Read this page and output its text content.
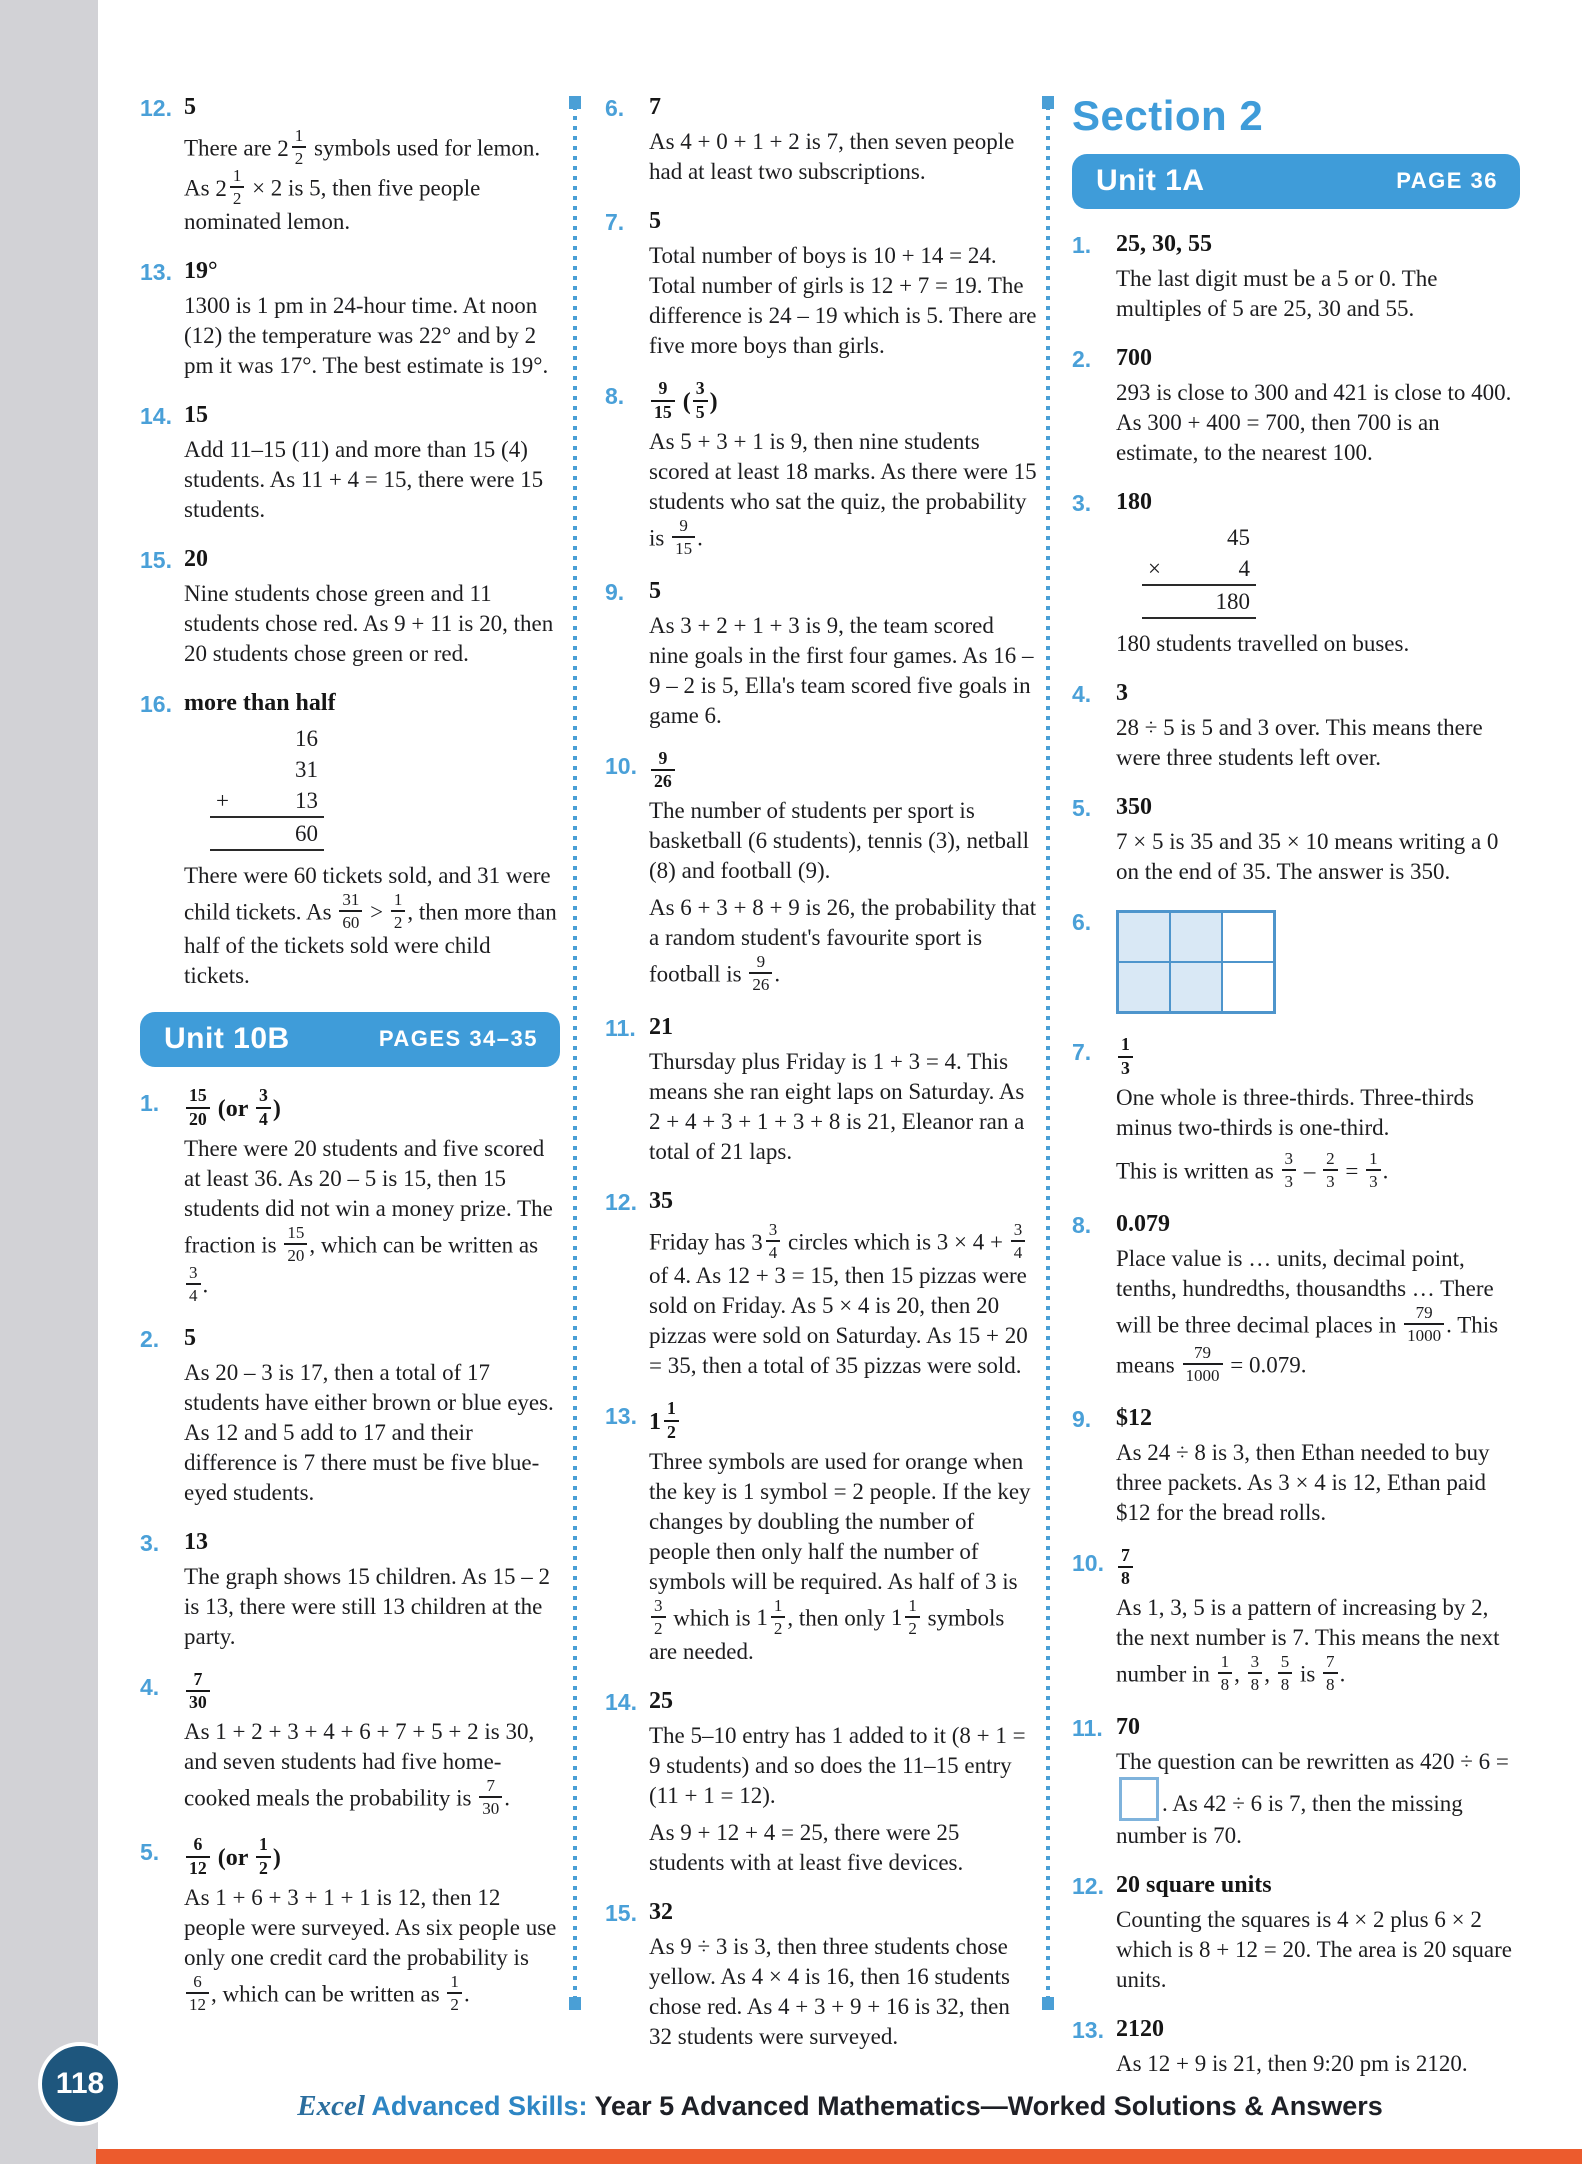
12. 5
There are $2 \frac{1}{2}$ symbols used for lemon. As $2 \frac{1}{2} \times 2$ is 5, then five people nominated lemon.
13. 19°
1300 is 1 pm in 24-hour time. At noon (12) the temperature was 22° and by 2 pm it was 17°. The best estimate is 19°.
14. 15
Add 11–15 (11) and more than 15 (4) students. As 11 + 4 = 15, there were 15 students.
15. 20
Nine students chose green and 11 students chose red. As 9 + 11 is 20, then 20 students chose green or red.
16. more than half
16
31
+	13
60
There were 60 tickets sold, and 31 were child tickets. As $\frac{31}{60} > \frac{1}{2}$ , then more than half of the tickets sold were child tickets.
Unit 10B	PAGES 34–35
1.	$\frac{15}{20} (or \frac{3}{4}$ )
There were 20 students and five scored at least 36. As 20 – 5 is 15, then 15 students did not win a money prize. The fraction is $\frac{15}{20}$ , which can be written as
$\frac{3}{4}$ .
2.	5
As 20 – 3 is 17, then a total of 17 students have either brown or blue eyes. As 12 and 5 add to 17 and their difference is 7 there must be five blue-eyed students.
3.	13
The graph shows 15 children. As 15 – 2 is 13, there were still 13 children at the party.
4.	$\frac{7}{30}$
As 1 + 2 + 3 + 4 + 6 + 7 + 5 + 2 is 30, and seven students had five home-cooked meals the probability is $\frac{7}{30}$ .
5.	$\frac{6}{12} (or \frac{1}{2}$ )
As 1 + 6 + 3 + 1 + 1 is 12, then 12 people were surveyed. As six people use only one credit card the probability is
$\frac{6}{12}$ , which can be written as $\frac{1}{2}$ .
6.	7
As 4 + 0 + 1 + 2 is 7, then seven people had at least two subscriptions.
7.	5
Total number of boys is 10 + 14 = 24. Total number of girls is 12 + 7 = 19. The difference is 24 – 19 which is 5. There are five more boys than girls.
8.	$\frac{9}{15}$ ( $\frac{3}{5}$ )
As 5 + 3 + 1 is 9, then nine students scored at least 18 marks. As there were 15 students who sat the quiz, the probability is $\frac{9}{15}$ .
9.	5
As 3 + 2 + 1 + 3 is 9, the team scored nine goals in the first four games. As 16 – 9 – 2 is 5, Ella's team scored five goals in game 6.
10. $\frac{9}{26}$
The number of students per sport is basketball (6 students), tennis (3), netball (8) and football (9).
As 6 + 3 + 8 + 9 is 26, the probability that a random student's favourite sport is football is $\frac{9}{26}$ .
11. 21
Thursday plus Friday is 1 + 3 = 4. This means she ran eight laps on Saturday. As 2 + 4 + 3 + 1 + 3 + 8 is 21, Eleanor ran a total of 21 laps.
12. 35
Friday has $3 \frac{3}{4}$ circles which is $3 \times 4 + \frac{3}{4}$
of 4. As 12 + 3 = 15, then 15 pizzas were sold on Friday. As 5 × 4 is 20, then 20 pizzas were sold on Saturday. As 15 + 20 = 35, then a total of 35 pizzas were sold.
13. $1 \frac{1}{2}$
Three symbols are used for orange when the key is 1 symbol = 2 people. If the key changes by doubling the number of people then only half the number of symbols will be required. As half of 3 is
$\frac{3}{2}$ which is $1 \frac{1}{2}$ , then only $1 \frac{1}{2}$ symbols are needed.
14. 25
The 5–10 entry has 1 added to it (8 + 1 = 9 students) and so does the 11–15 entry (11 + 1 = 12).
As 9 + 12 + 4 = 25, there were 25 students with at least five devices.
15. 32
As 9 ÷ 3 is 3, then three students chose yellow. As 4 × 4 is 16, then 16 students chose red. As 4 + 3 + 9 + 16 is 32, then 32 students were surveyed.
Section 2
Unit 1A	PAGE 36
1.	25, 30, 55
The last digit must be a 5 or 0. The multiples of 5 are 25, 30 and 55.
2.	700
293 is close to 300 and 421 is close to 400. As 300 + 400 = 700, then 700 is an estimate, to the nearest 100.
3.	180
45
×	4
180
180 students travelled on buses.
4.	3
28 ÷ 5 is 5 and 3 over. This means there were three students left over.
5.	350
7 × 5 is 35 and 35 × 10 means writing a 0 on the end of 35. The answer is 350.
6.
7.	$\frac{1}{3}$
One whole is three-thirds. Three-thirds minus two-thirds is one-third.
This is written as $\frac{3}{3} - \frac{2}{3} = \frac{1}{3}$ .
8.	0.079
Place value is … units, decimal point, tenths, hundredths, thousandths … There will be three decimal places in $\frac{79}{1000}$ . This means $\frac{79}{1000} = 0.079$.
9.	$12
As 24 ÷ 8 is 3, then Ethan needed to buy three packets. As 3 × 4 is 12, Ethan paid $12 for the bread rolls.
10. $\frac{7}{8}$
As 1, 3, 5 is a pattern of increasing by 2, the next number is 7. This means the next number in $\frac{1}{8}$ , $\frac{3}{8}$ , $\frac{5}{8}$ is $\frac{7}{8}$ .
11. 70
The question can be rewritten as 420 ÷ 6 = . As 42 ÷ 6 is 7, then the missing number is 70.
12. 20 square units
Counting the squares is 4 × 2 plus 6 × 2 which is 8 + 12 = 20. The area is 20 square units.
13. 2120
As 12 + 9 is 21, then 9:20 pm is 2120.
118
Excel Advanced Skills: Year 5 Advanced Mathematics—Worked Solutions & Answers
